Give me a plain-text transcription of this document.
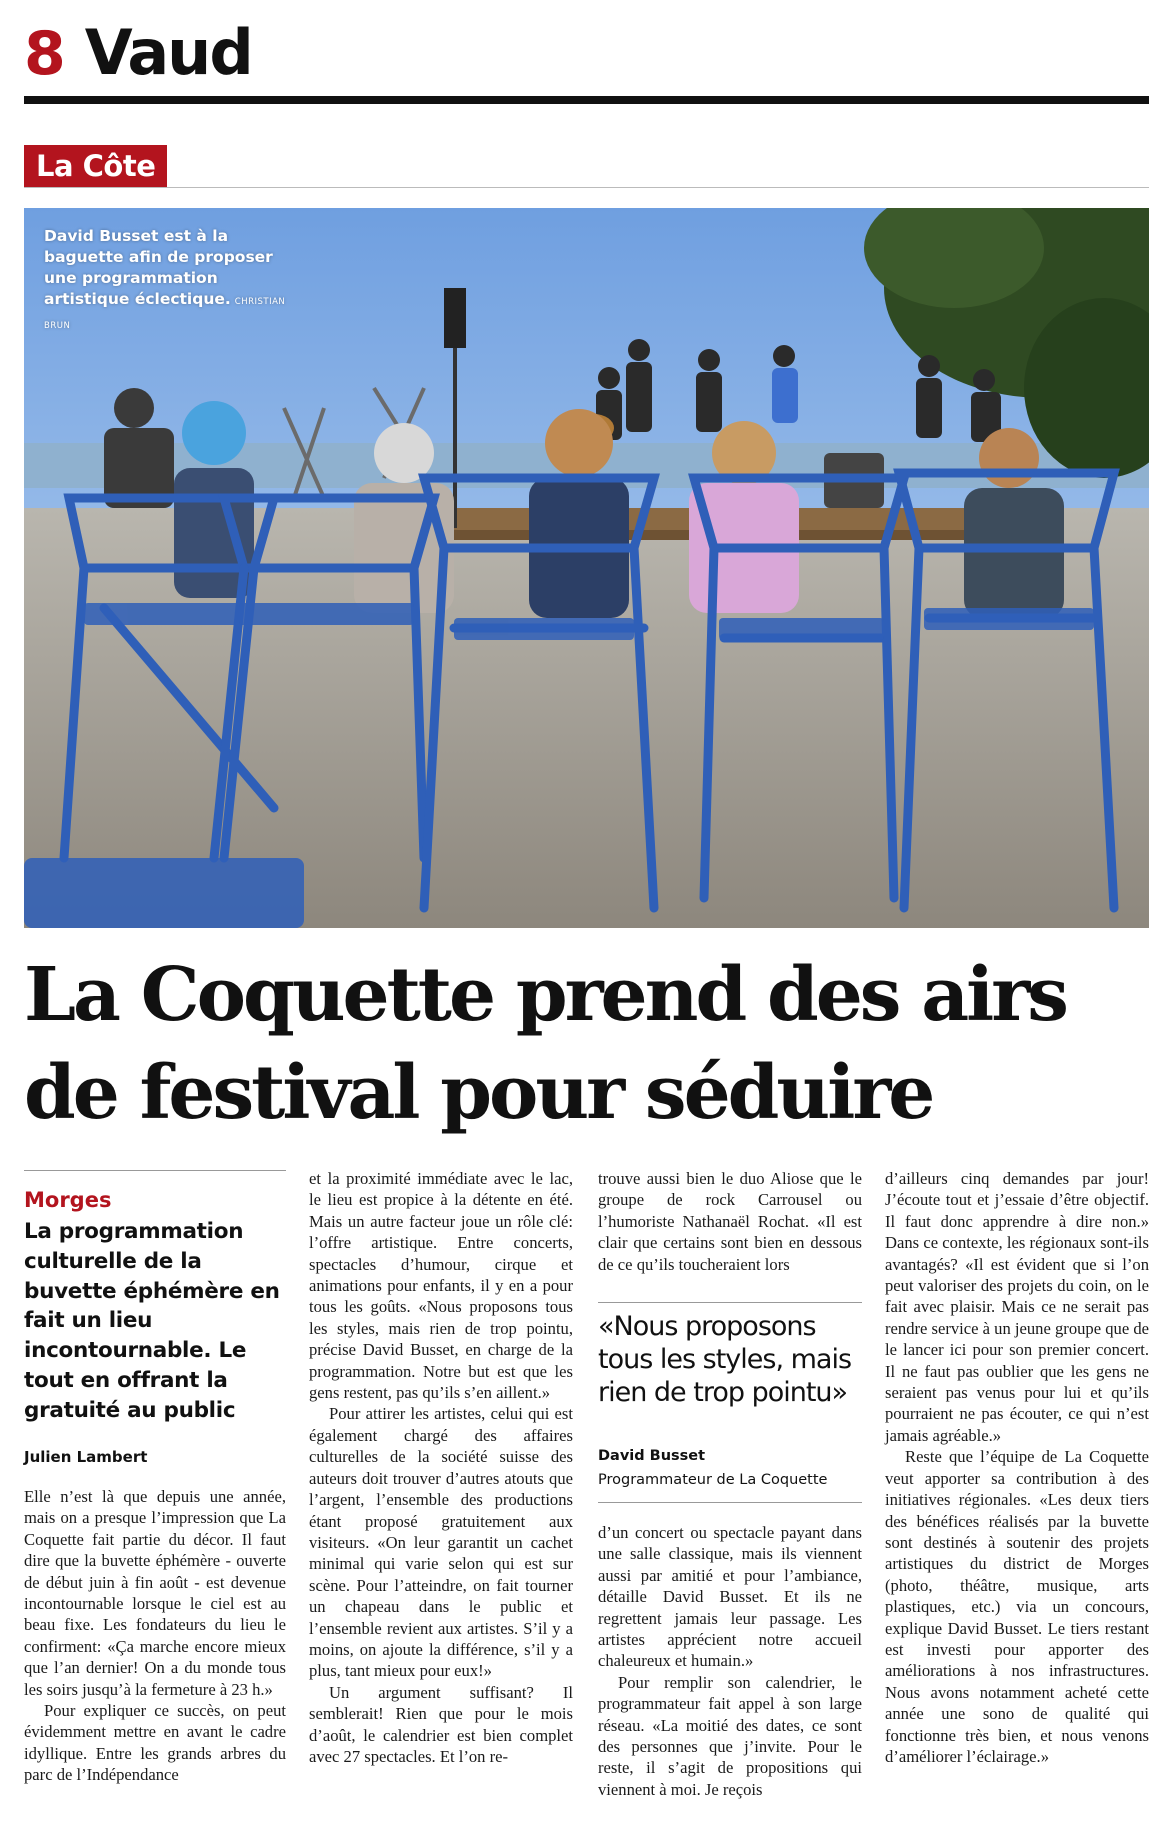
8 Vaud
La Côte
David Busset est à la baguette afin de proposer une programmation artistique éclectique. CHRISTIAN BRUN
La Coquette prend des airs de festival pour séduire
Morges
La programmation culturelle de la buvette éphémère en fait un lieu incontournable. Le tout en offrant la gratuité au public
Julien Lambert

Elle n’est là que depuis une année, mais on a presque l’impression que La Coquette fait partie du décor. Il faut dire que la buvette éphémère - ouverte de début juin à fin août - est devenue incontournable lorsque le ciel est au beau fixe. Les fondateurs du lieu le confirment: «Ça marche encore mieux que l’an dernier! On a du monde tous les soirs jusqu’à la fermeture à 23 h.»

Pour expliquer ce succès, on peut évidemment mettre en avant le cadre idyllique. Entre les grands arbres du parc de l’Indépendance

et la proximité immédiate avec le lac, le lieu est propice à la détente en été. Mais un autre facteur joue un rôle clé: l’offre artistique. Entre concerts, spectacles d’humour, cirque et animations pour enfants, il y en a pour tous les goûts. «Nous proposons tous les styles, mais rien de trop pointu, précise David Busset, en charge de la programmation. Notre but est que les gens restent, pas qu’ils s’en aillent.»

Pour attirer les artistes, celui qui est également chargé des affaires culturelles de la société suisse des auteurs doit trouver d’autres atouts que l’argent, l’ensemble des productions étant proposé gratuitement aux visiteurs. «On leur garantit un cachet minimal qui varie selon qui est sur scène. Pour l’atteindre, on fait tourner un chapeau dans le public et l’ensemble revient aux artistes. S’il y a moins, on ajoute la différence, s’il y a plus, tant mieux pour eux!»

Un argument suffisant? Il semblerait! Rien que pour le mois d’août, le calendrier est bien complet avec 27 spectacles. Et l’on re-

trouve aussi bien le duo Aliose que le groupe de rock Carrousel ou l’humoriste Nathanaël Rochat. «Il est clair que certains sont bien en dessous de ce qu’ils toucheraient lors

«Nous proposons tous les styles, mais rien de trop pointu»
David Busset
Programmateur de La Coquette

d’un concert ou spectacle payant dans une salle classique, mais ils viennent aussi par amitié et pour l’ambiance, détaille David Busset. Et ils ne regrettent jamais leur passage. Les artistes apprécient notre accueil chaleureux et humain.»

Pour remplir son calendrier, le programmateur fait appel à son large réseau. «La moitié des dates, ce sont des personnes que j’invite. Pour le reste, il s’agit de propositions qui viennent à moi. Je reçois

d’ailleurs cinq demandes par jour! J’écoute tout et j’essaie d’être objectif. Il faut donc apprendre à dire non.» Dans ce contexte, les régionaux sont-ils avantagés? «Il est évident que si l’on peut valoriser des projets du coin, on le fait avec plaisir. Mais ce ne serait pas rendre service à un jeune groupe que de le lancer ici pour son premier concert. Il ne faut pas oublier que les gens ne seraient pas venus pour lui et qu’ils pourraient ne pas écouter, ce qui n’est jamais agréable.»

Reste que l’équipe de La Coquette veut apporter sa contribution à des initiatives régionales. «Les deux tiers des bénéfices réalisés par la buvette sont destinés à soutenir des projets artistiques du district de Morges (photo, théâtre, musique, arts plastiques, etc.) via un concours, explique David Busset. Le tiers restant est investi pour apporter des améliorations à nos infrastructures. Nous avons notamment acheté cette année une sono de qualité qui fonctionne très bien, et nous venons d’améliorer l’éclairage.»
